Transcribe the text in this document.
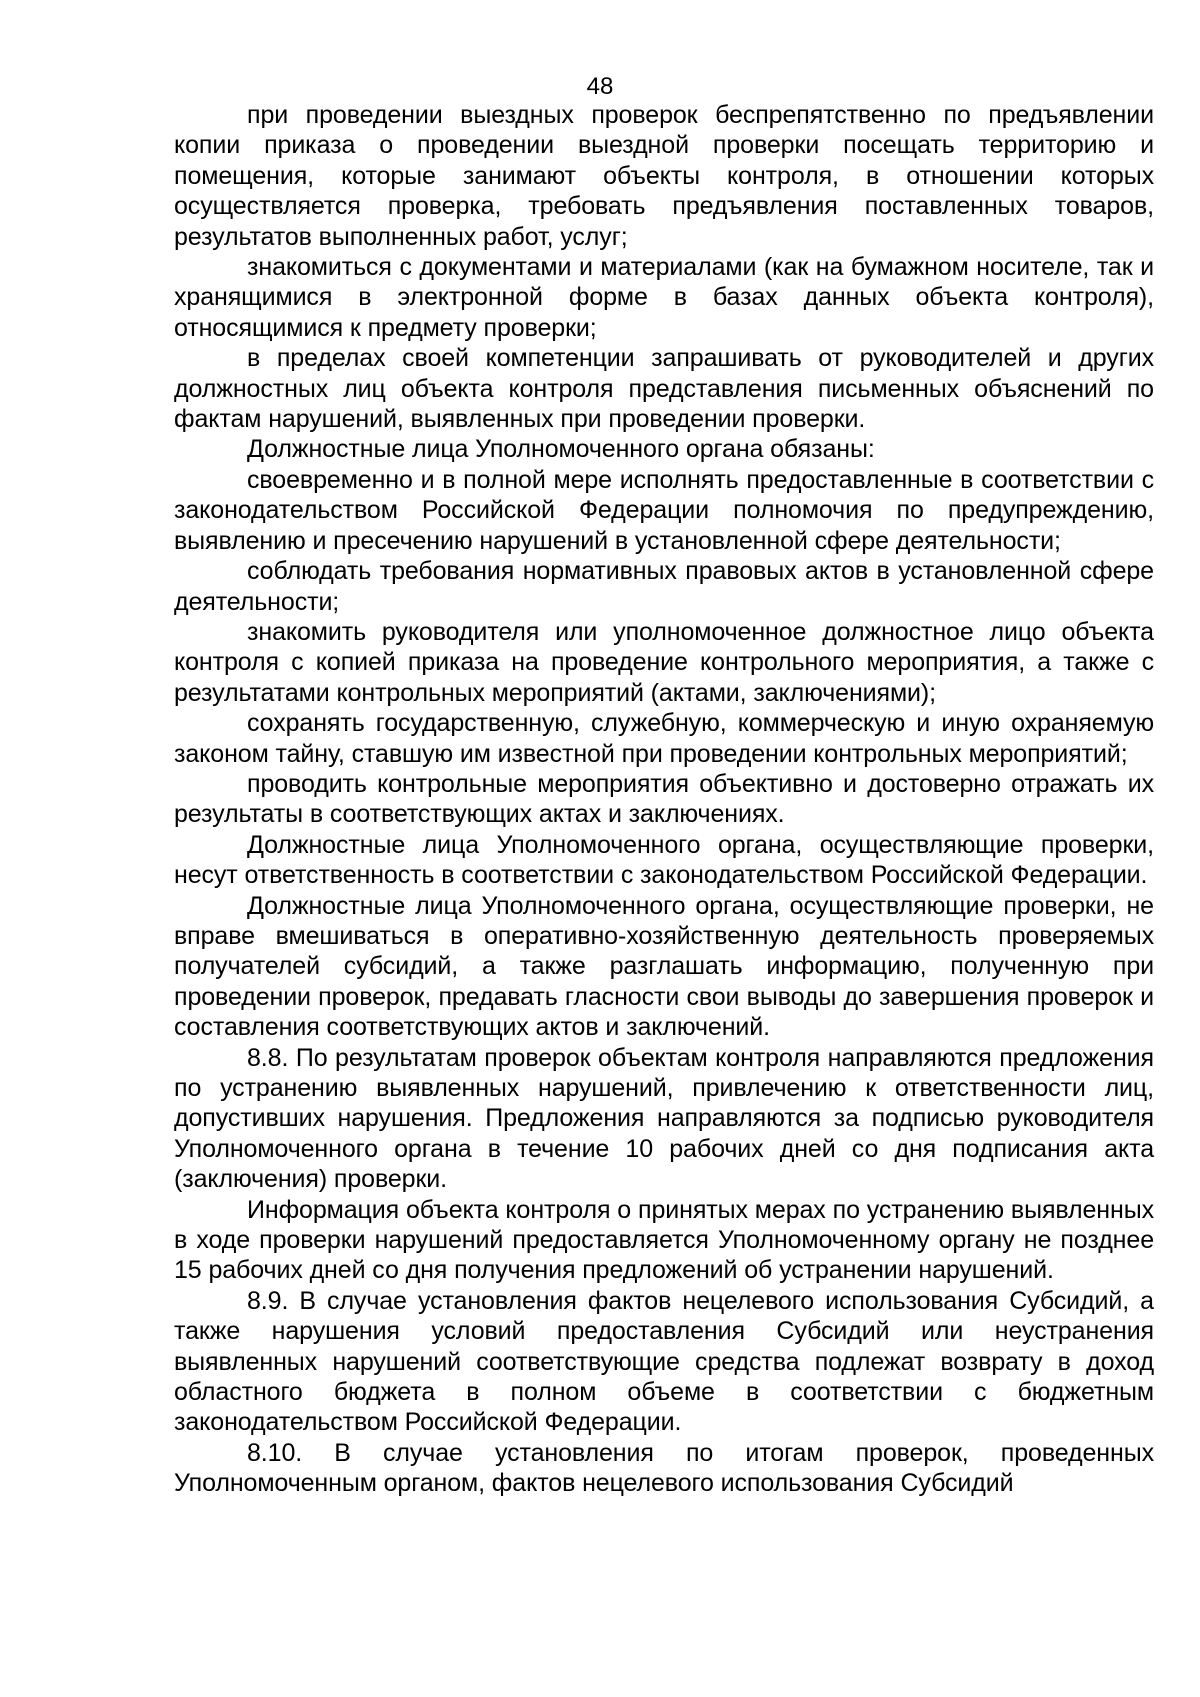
48

при проведении выездных проверок беспрепятственно по предъявлении копии приказа о проведении выездной проверки посещать территорию и помещения, которые занимают объекты контроля, в отношении которых осуществляется проверка, требовать предъявления поставленных товаров, результатов выполненных работ, услуг;

знакомиться с документами и материалами (как на бумажном носителе, так и хранящимися в электронной форме в базах данных объекта контроля), относящимися к предмету проверки;

в пределах своей компетенции запрашивать от руководителей и других должностных лиц объекта контроля представления письменных объяснений по фактам нарушений, выявленных при проведении проверки.

Должностные лица Уполномоченного органа обязаны:

своевременно и в полной мере исполнять предоставленные в соответствии с законодательством Российской Федерации полномочия по предупреждению, выявлению и пресечению нарушений в установленной сфере деятельности;

соблюдать требования нормативных правовых актов в установленной сфере деятельности;

знакомить руководителя или уполномоченное должностное лицо объекта контроля с копией приказа на проведение контрольного мероприятия, а также с результатами контрольных мероприятий (актами, заключениями);

сохранять государственную, служебную, коммерческую и иную охраняемую законом тайну, ставшую им известной при проведении контрольных мероприятий;

проводить контрольные мероприятия объективно и достоверно отражать их результаты в соответствующих актах и заключениях.

Должностные лица Уполномоченного органа, осуществляющие проверки, несут ответственность в соответствии с законодательством Российской Федерации.

Должностные лица Уполномоченного органа, осуществляющие проверки, не вправе вмешиваться в оперативно-хозяйственную деятельность проверяемых получателей субсидий, а также разглашать информацию, полученную при проведении проверок, предавать гласности свои выводы до завершения проверок и составления соответствующих актов и заключений.

8.8. По результатам проверок объектам контроля направляются предложения по устранению выявленных нарушений, привлечению к ответственности лиц, допустивших нарушения. Предложения направляются за подписью руководителя Уполномоченного органа в течение 10 рабочих дней со дня подписания акта (заключения) проверки.

Информация объекта контроля о принятых мерах по устранению выявленных в ходе проверки нарушений предоставляется Уполномоченному органу не позднее 15 рабочих дней со дня получения предложений об устранении нарушений.

8.9. В случае установления фактов нецелевого использования Субсидий, а также нарушения условий предоставления Субсидий или неустранения выявленных нарушений соответствующие средства подлежат возврату в доход областного бюджета в полном объеме в соответствии с бюджетным законодательством Российской Федерации.

8.10. В случае установления по итогам проверок, проведенных Уполномоченным органом, фактов нецелевого использования Субсидий
